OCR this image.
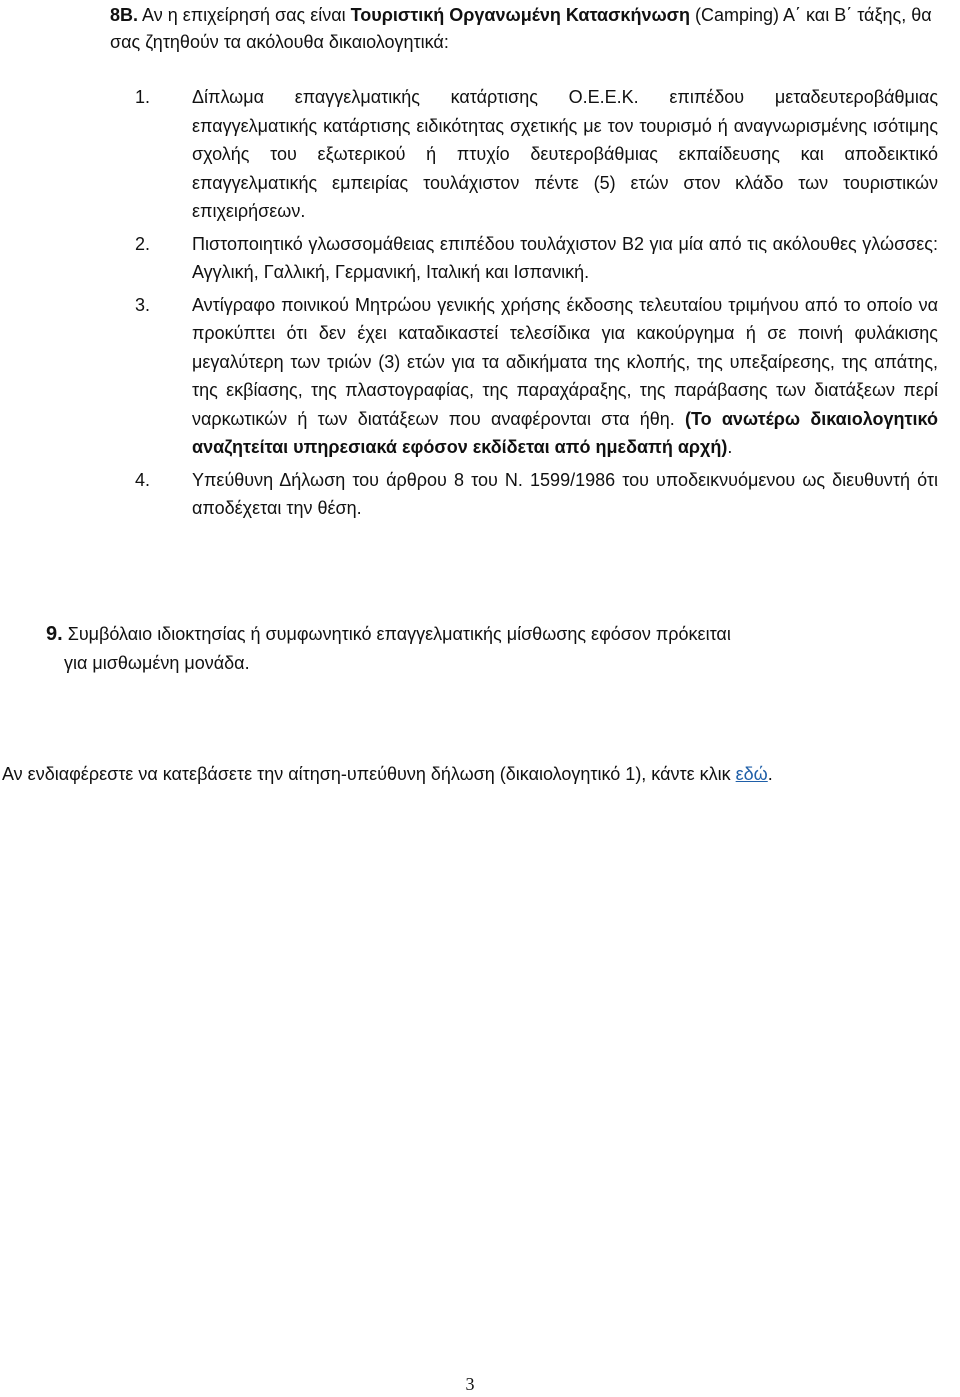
8Β. Αν η επιχείρησή σας είναι Τουριστική Οργανωμένη Κατασκήνωση (Camping) Α΄ και Β΄ τάξης, θα σας ζητηθούν τα ακόλουθα δικαιολογητικά:
1.	Δίπλωμα επαγγελματικής κατάρτισης Ο.Ε.Ε.Κ. επιπέδου μεταδευτεροβάθμιας επαγγελματικής κατάρτισης ειδικότητας σχετικής με τον τουρισμό ή αναγνωρισμένης ισότιμης σχολής του εξωτερικού ή πτυχίο δευτεροβάθμιας εκπαίδευσης και αποδεικτικό επαγγελματικής εμπειρίας τουλάχιστον πέντε (5) ετών στον κλάδο των τουριστικών επιχειρήσεων.
2.	Πιστοποιητικό γλωσσομάθειας επιπέδου τουλάχιστον Β2 για μία από τις ακόλουθες γλώσσες: Αγγλική, Γαλλική, Γερμανική, Ιταλική και Ισπανική.
3.	Αντίγραφο ποινικού Μητρώου γενικής χρήσης έκδοσης τελευταίου τριμήνου από το οποίο να προκύπτει ότι δεν έχει καταδικαστεί τελεσίδικα για κακούργημα ή σε ποινή φυλάκισης μεγαλύτερη των τριών (3) ετών για τα αδικήματα της κλοπής, της υπεξαίρεσης, της απάτης, της εκβίασης, της πλαστογραφίας, της παραχάραξης, της παράβασης των διατάξεων περί ναρκωτικών ή των διατάξεων που αναφέρονται στα ήθη. (Το ανωτέρω δικαιολογητικό αναζητείται υπηρεσιακά εφόσον εκδίδεται από ημεδαπή αρχή).
4.	Υπεύθυνη Δήλωση του άρθρου 8 του Ν. 1599/1986 του υποδεικνυόμενου ως διευθυντή ότι αποδέχεται την θέση.
9. Συμβόλαιο ιδιοκτησίας ή συμφωνητικό επαγγελματικής μίσθωσης εφόσον πρόκειται
για μισθωμένη μονάδα.
Αν ενδιαφέρεστε να κατεβάσετε την αίτηση-υπεύθυνη δήλωση (δικαιολογητικό 1), κάντε κλικ εδώ.
3
